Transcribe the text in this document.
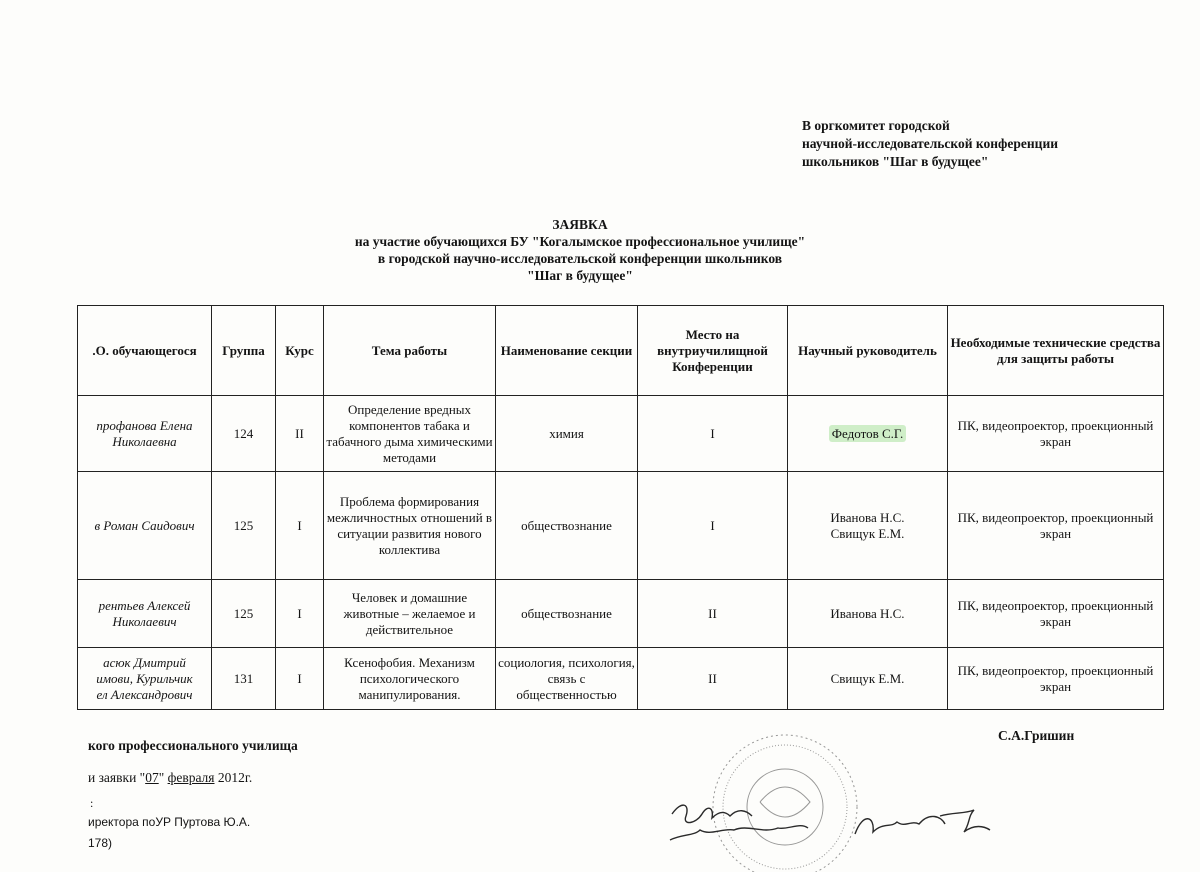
В оргкомитет городской
научной-исследовательской конференции
школьников "Шаг в будущее"
ЗАЯВКА
на участие обучающихся БУ "Когалымское профессиональное училище"
в городской научно-исследовательской конференции школьников
"Шаг в будущее"
.О. обучающегося	Группа	Курс	Тема работы	Наименование секции	Место на внутриучилищной Конференции	Научный руководитель	Необходимые технические средства для защиты работы

профанова Елена
Николаевна	124	II	Определение вредных компонентов табака и табачного дыма химическими методами	химия	I	Федотов С.Г.	ПК, видеопроектор, проекционный экран

в Роман Саидович	125	I	Проблема формирования межличностных отношений в ситуации развития нового коллектива	обществознание	I	Иванова Н.С. Свищук Е.М.	ПК, видеопроектор, проекционный экран

рентьев Алексей
Николаевич	125	I	Человек и домашние животные – желаемое и действительное	обществознание	II	Иванова Н.С.	ПК, видеопроектор, проекционный экран

асюк Дмитрий
имови, Курильчик
ел Александрович	131	I	Ксенофобия. Механизм психологического манипулирования.	социология, психология, связь с общественностью	II	Свищук Е.М.	ПК, видеопроектор, проекционный экран
кого профессионального училища
С.А.Гришин
и заявки "07" февраля 2012г.
:
иректора поУР Пуртова Ю.А.
178)
